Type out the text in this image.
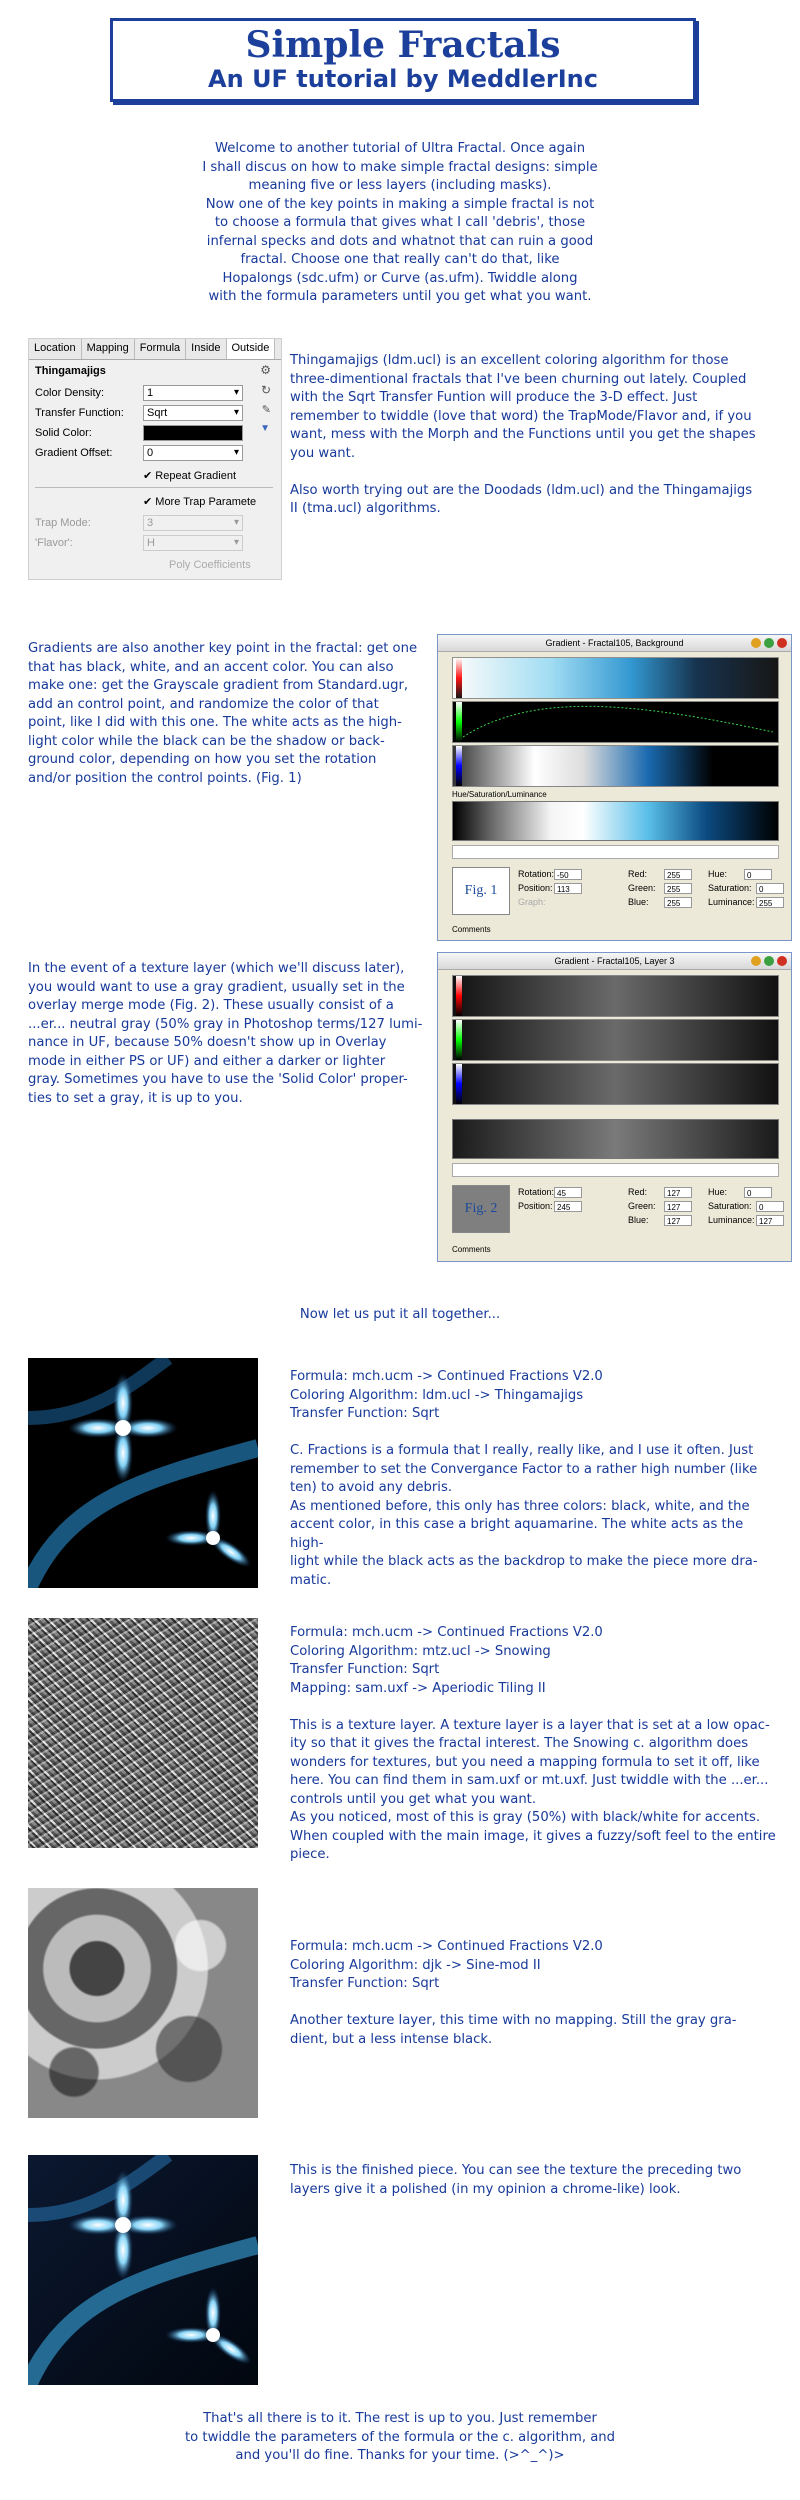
Simple Fractals
An UF tutorial by MeddlerInc

Welcome to another tutorial of Ultra Fractal. Once again

I shall discus on how to make simple fractal designs: simple

meaning five or less layers (including masks).

Now one of the key points in making a simple fractal is not

to choose a formula that gives what I call 'debris', those

infernal specks and dots and whatnot that can ruin a good

fractal. Choose one that really can't do that, like

Hopalongs (sdc.ufm) or Curve (as.ufm). Twiddle along

with the formula parameters until you get what you want.

Location	Mapping	Formula	Inside	Outside
Thingamajigs	⚙
↻
✎
▼
Color Density:	1 ▾
Transfer Function:	Sqrt ▾
Solid Color:
Gradient Offset:	0 ▾
✔ Repeat Gradient
✔ More Trap Paramete
Trap Mode:	3 ▾
'Flavor':	H ▾
Poly Coefficients

Thingamajigs (ldm.ucl) is an excellent coloring algorithm for those

three-dimentional fractals that I've been churning out lately. Coupled

with the Sqrt Transfer Funtion will produce the 3-D effect. Just

remember to twiddle (love that word) the TrapMode/Flavor and, if you

want, mess with the Morph and the Functions until you get the shapes

you want.

Also worth trying out are the Doodads (ldm.ucl) and the Thingamajigs

II (tma.ucl) algorithms.

Gradients are also another key point in the fractal: get one

that has black, white, and an accent color. You can also

make one: get the Grayscale gradient from Standard.ugr,

add an control point, and randomize the color of that

point, like I did with this one. The white acts as the high-

light color while the black can be the shadow or back-

ground color, depending on how you set the rotation

and/or position the control points. (Fig. 1)

Gradient - Fractal105, Background
Hue/Saturation/Luminance
Fig. 1
Rotation: -50
Position: 113
Graph:
Red:	255
Green:	255
Blue:	255
Hue:	0
Saturation: 0
Luminance: 255
Comments

In the event of a texture layer (which we'll discuss later),

you would want to use a gray gradient, usually set in the

overlay merge mode (Fig. 2). These usually consist of a

...er... neutral gray (50% gray in Photoshop terms/127 lumi-

nance in UF, because 50% doesn't show up in Overlay

mode in either PS or UF) and either a darker or lighter

gray. Sometimes you have to use the 'Solid Color' proper-

ties to set a gray, it is up to you.

Gradient - Fractal105, Layer 3
Fig. 2
Rotation: 45
Position: 245
Red:	127
Green:	127
Blue:	127
Hue:	0
Saturation: 0
Luminance: 127
Comments
Now let us put it all together...

Formula: mch.ucm -> Continued Fractions V2.0

Coloring Algorithm: ldm.ucl -> Thingamajigs

Transfer Function: Sqrt

C. Fractions is a formula that I really, really like, and I use it often. Just

remember to set the Convergance Factor to a rather high number (like

ten) to avoid any debris.

As mentioned before, this only has three colors: black, white, and the

accent color, in this case a bright aquamarine. The white acts as the high-

light while the black acts as the backdrop to make the piece more dra-

matic.

Formula: mch.ucm -> Continued Fractions V2.0

Coloring Algorithm: mtz.ucl -> Snowing

Transfer Function: Sqrt

Mapping: sam.uxf -> Aperiodic Tiling II

This is a texture layer. A texture layer is a layer that is set at a low opac-

ity so that it gives the fractal interest. The Snowing c. algorithm does

wonders for textures, but you need a mapping formula to set it off, like

here. You can find them in sam.uxf or mt.uxf. Just twiddle with the ...er...

controls until you get what you want.

As you noticed, most of this is gray (50%) with black/white for accents.

When coupled with the main image, it gives a fuzzy/soft feel to the entire

piece.

Formula: mch.ucm -> Continued Fractions V2.0

Coloring Algorithm: djk -> Sine-mod II

Transfer Function: Sqrt

Another texture layer, this time with no mapping. Still the gray gra-

dient, but a less intense black.

This is the finished piece. You can see the texture the preceding two

layers give it a polished (in my opinion a chrome-like) look.

That's all there is to it. The rest is up to you. Just remember

to twiddle the parameters of the formula or the c. algorithm, and

and you'll do fine. Thanks for your time. (>^_^)>
